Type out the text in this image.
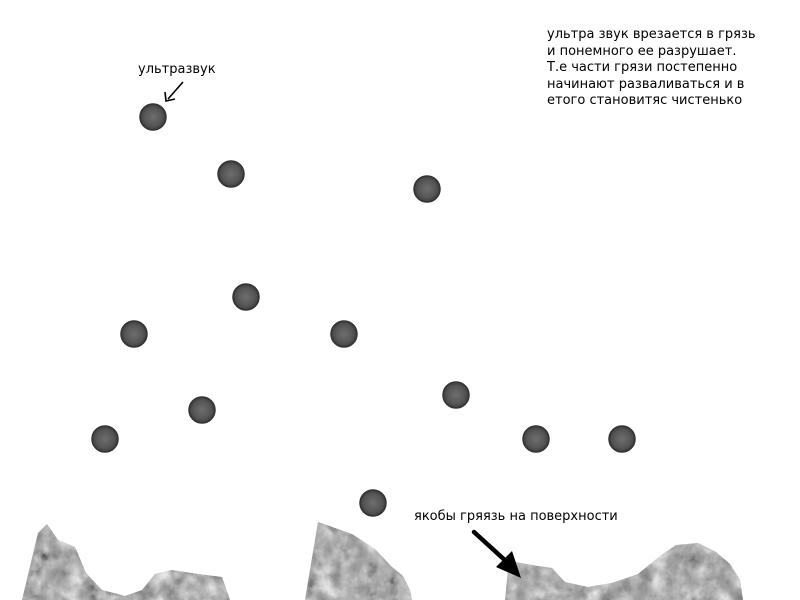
ультразвук
ультра звук врезается в грязь
и понемного ее разрушает.
Т.е части грязи постепенно
начинают разваливаться и в
етого становитяс чистенько
якобы гряязь на поверхности
